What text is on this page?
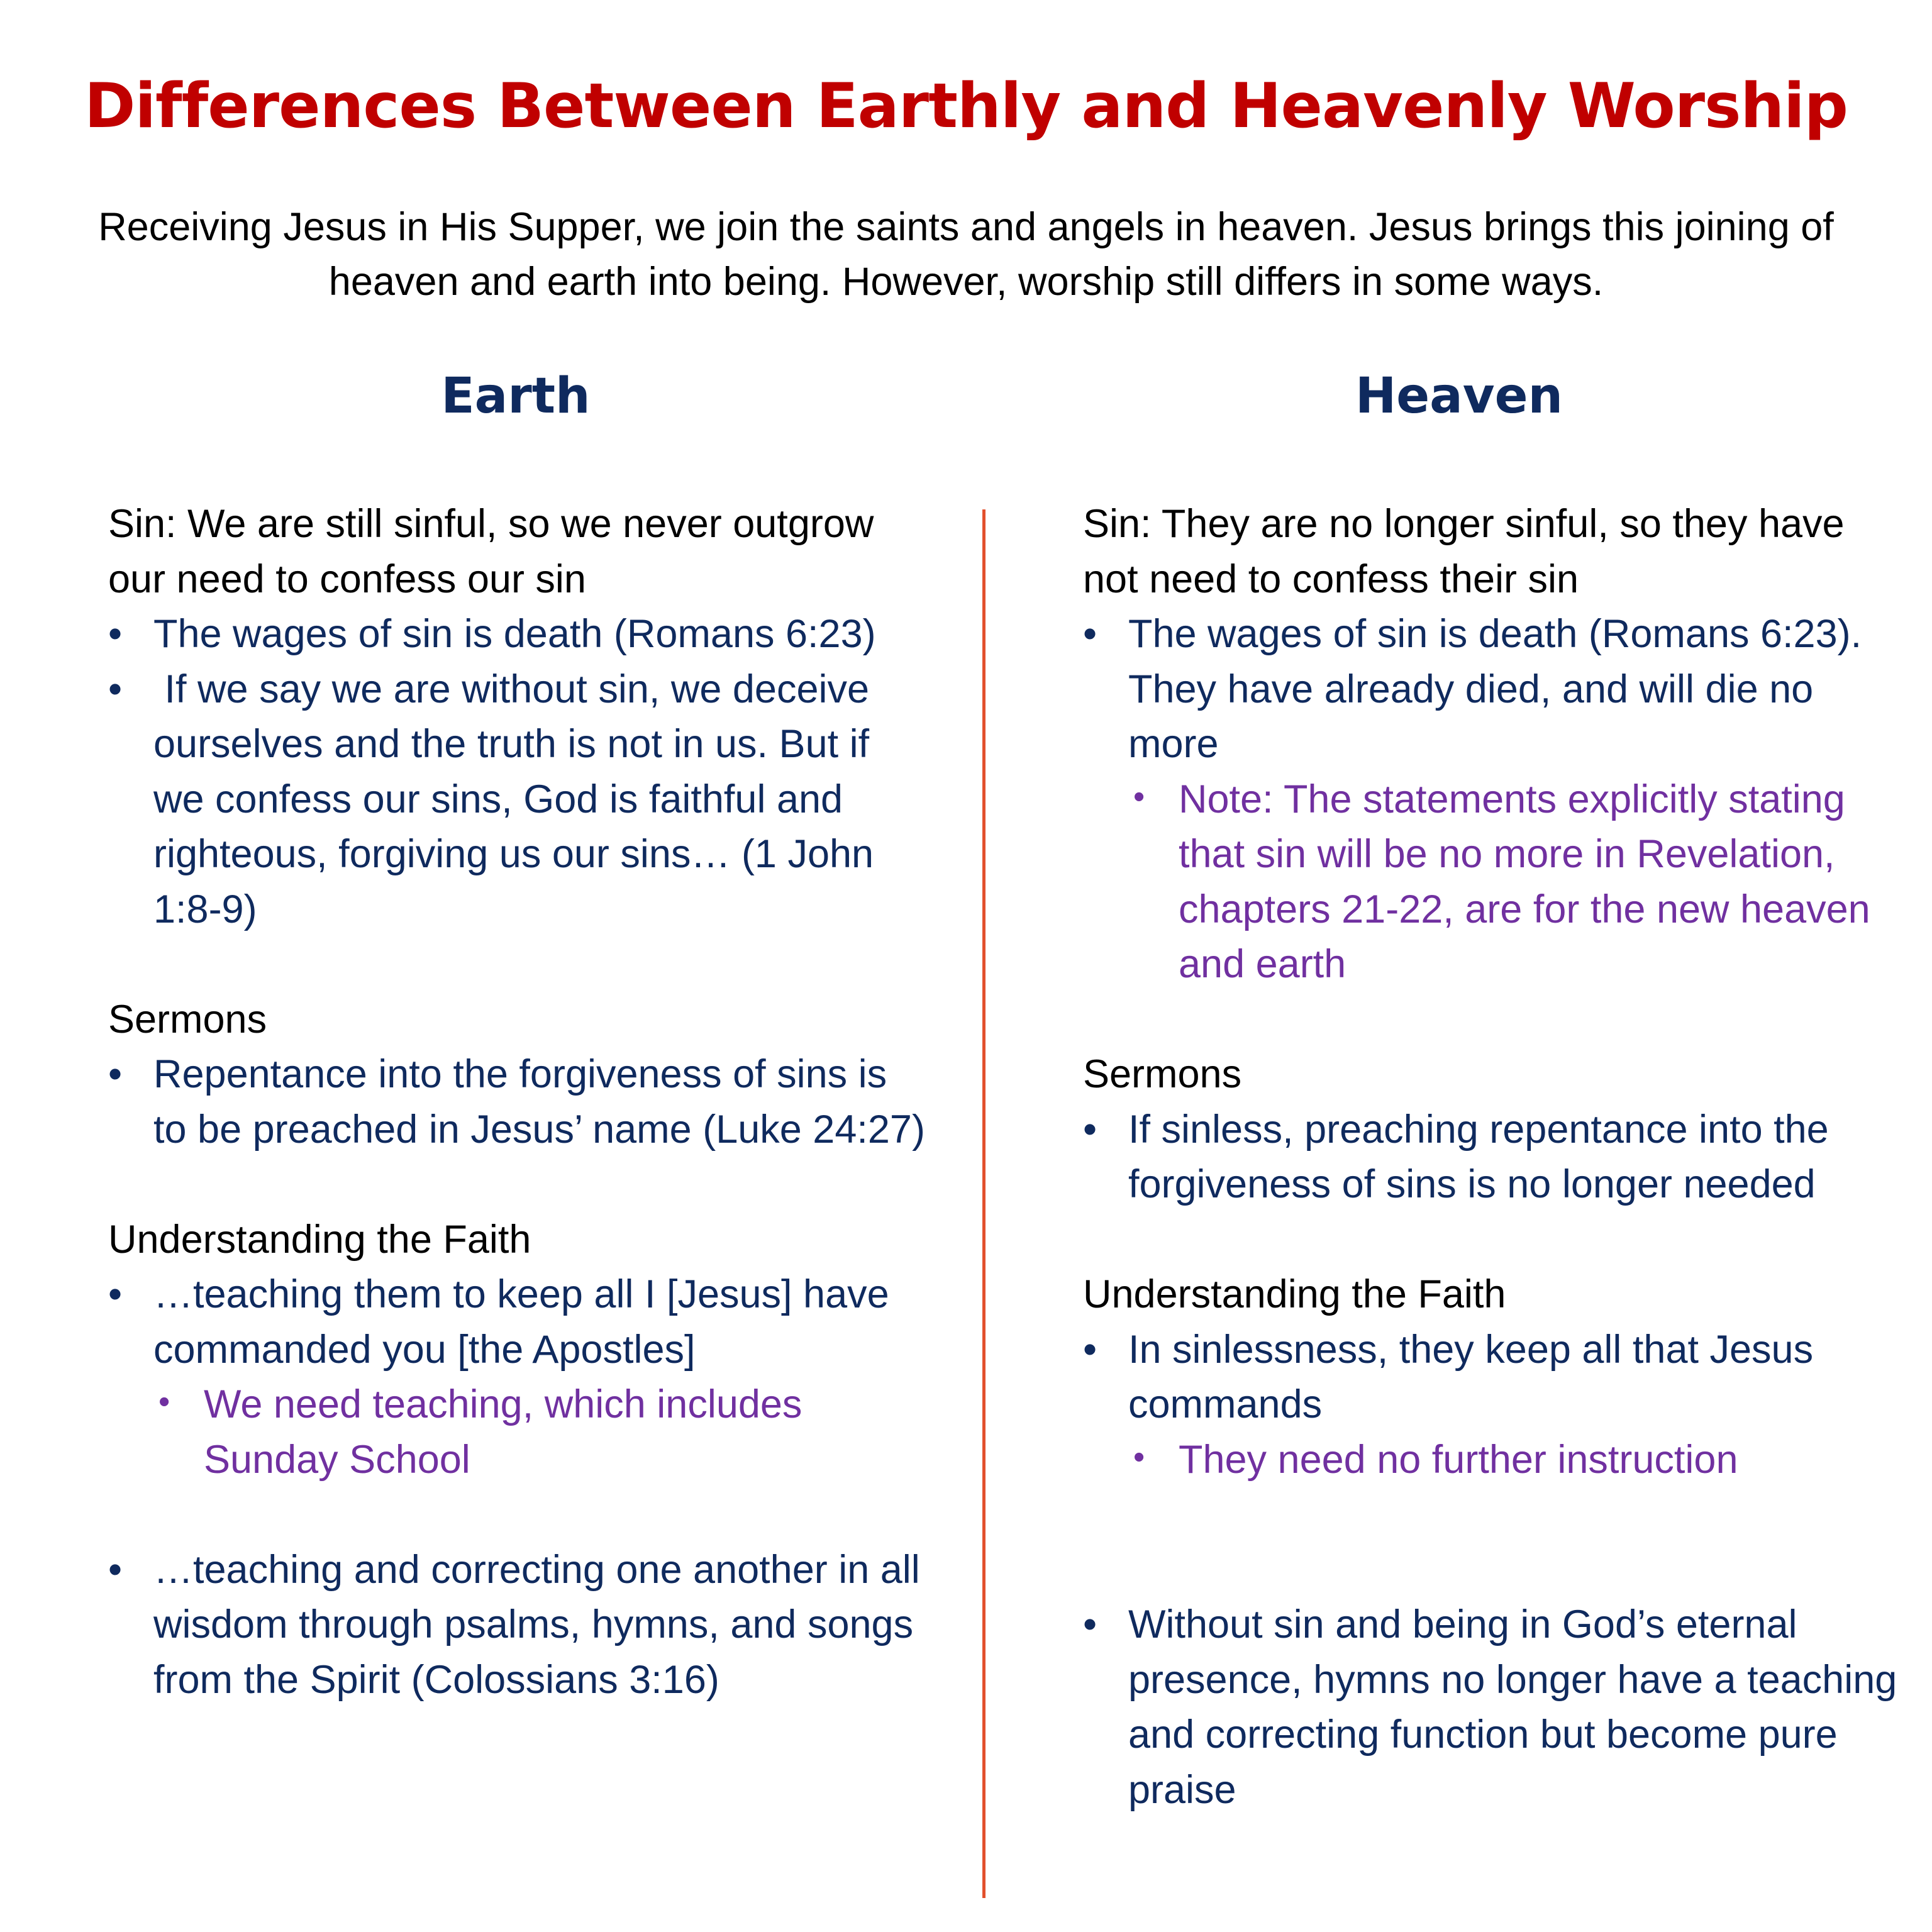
Differences Between Earthly and Heavenly Worship
Receiving Jesus in His Supper, we join the saints and angels in heaven. Jesus brings this joining of heaven and earth into being. However, worship still differs in some ways.
Earth	Heaven

Sin: We are still sinful, so we never outgrow our need to confess our sin

• The wages of sin is death (Romans 6:23)
•  If we say we are without sin, we deceive ourselves and the truth is not in us. But if we confess our sins, God is faithful and righteous, forgiving us our sins… (1 John 1:8-9)

Sermons

• Repentance into the forgiveness of sins is to be preached in Jesus’ name (Luke 24:27)

Understanding the Faith

• …teaching them to keep all I [Jesus] have commanded you [the Apostles]
• We need teaching, which includes Sunday School
• …teaching and correcting one another in all wisdom through psalms, hymns, and songs from the Spirit (Colossians 3:16)

Sin: They are no longer sinful, so they have not need to confess their sin

• The wages of sin is death (Romans 6:23). They have already died, and will die no more
• Note: The statements explicitly stating that sin will be no more in Revelation, chapters 21-22, are for the new heaven and earth

Sermons

• If sinless, preaching repentance into the forgiveness of sins is no longer needed

Understanding the Faith

• In sinlessness, they keep all that Jesus commands
• They need no further instruction
• Without sin and being in God’s eternal presence, hymns no longer have a teaching and correcting function but become pure praise
